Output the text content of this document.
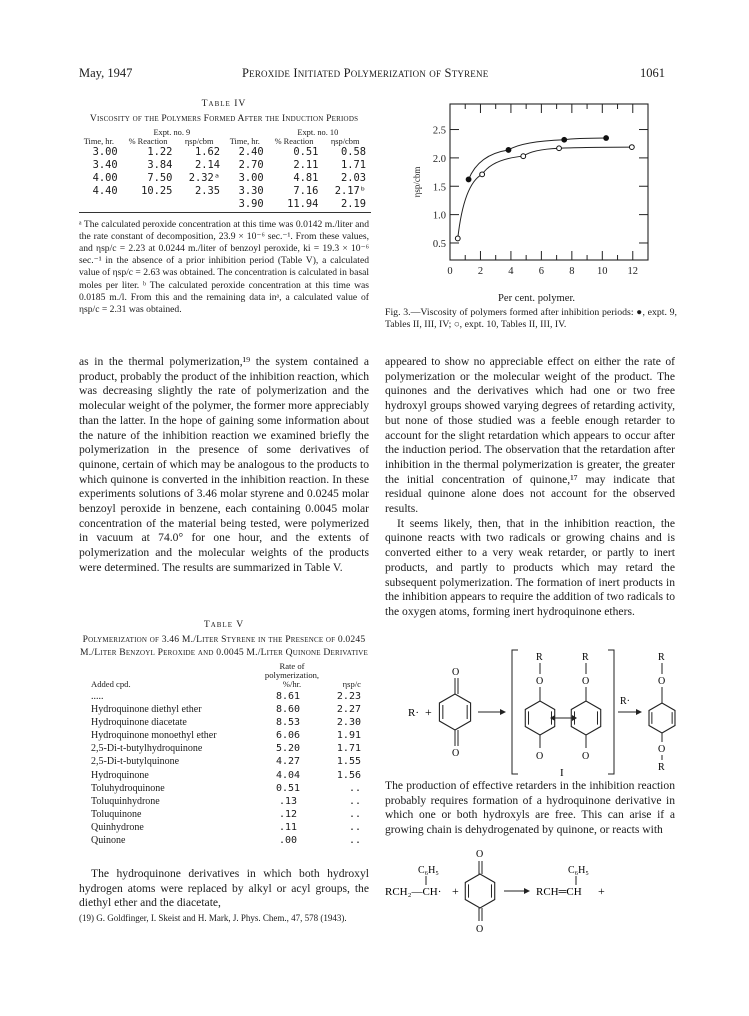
May, 1947	Peroxide Initiated Polymerization of Styrene	1061
Table IV
Viscosity of the Polymers Formed After the Induction Periods
	Expt. no. 9			Expt. no. 10	
Time, hr.	% Reaction	ηsp/cbm	Time, hr.	% Reaction	ηsp/cbm
3.00	1.22	1.62	2.40	0.51	0.58
3.40	3.84	2.14	2.70	2.11	1.71
4.00	7.50	2.32ᵃ	3.00	4.81	2.03
4.40	10.25	2.35	3.30	7.16	2.17ᵇ
			3.90	11.94	2.19
ᵃ The calculated peroxide concentration at this time was 0.0142 m./liter and the rate constant of decomposition, 23.9 × 10⁻⁶ sec.⁻¹. From these values, and ηsp/c = 2.23 at 0.0244 m./liter of benzoyl peroxide, ki = 19.3 × 10⁻⁶ sec.⁻¹ in the absence of a prior inhibition period (Table V), a calculated value of ηsp/c = 2.63 was obtained. The concentration is calculated in basal moles per liter. ᵇ The calculated peroxide concentration at this time was 0.0185 m./l. From this and the remaining data inᵃ, a calculated value of ηsp/c = 2.31 was obtained.

as in the thermal polymerization,¹⁹ the system contained a product, probably the product of the inhibition reaction, which was decreasing slightly the rate of polymerization and the molecular weight of the polymer, the former more appreciably than the latter. In the hope of gaining some information about the nature of the inhibition reaction we examined briefly the polymerization in the presence of some derivatives of quinone, certain of which may be analogous to the products to which quinone is converted in the inhibition reaction. In these experiments solutions of 3.46 molar styrene and 0.0245 molar benzoyl peroxide in benzene, each containing 0.0045 molar concentration of the material being tested, were polymerized in vacuum at 74.0° for one hour, and the extents of polymerization and the molecular weights of the products were determined. The results are summarized in Table V.

Table V
Polymerization of 3.46 M./Liter Styrene in the Presence of 0.0245 M./Liter Benzoyl Peroxide and 0.0045 M./Liter Quinone Derivative
Added cpd.	Rate of polymerization, %/hr.	ηsp/c
.....	8.61	2.23
Hydroquinone diethyl ether	8.60	2.27
Hydroquinone diacetate	8.53	2.30
Hydroquinone monoethyl ether	6.06	1.91
2,5-Di-t-butylhydroquinone	5.20	1.71
2,5-Di-t-butylquinone	4.27	1.55
Hydroquinone	4.04	1.56
Toluhydroquinone	0.51	..
Toluquinhydrone	.13	..
Toluquinone	.12	..
Quinhydrone	.11	..
Quinone	.00	..
The hydroquinone derivatives in which both hydroxyl hydrogen atoms were replaced by alkyl or acyl groups, the diethyl ether and the diacetate,
(19) G. Goldfinger, I. Skeist and H. Mark, J. Phys. Chem., 47, 578 (1943).
0 2 4 6 8 10 12
0.5
1.0
1.5
2.0
2.5
ηsp/cbm
Per cent. polymer.
Fig. 3.—Viscosity of polymers formed after inhibition periods: ●, expt. 9, Tables II, III, IV; ○, expt. 10, Tables II, III, IV.

appeared to show no appreciable effect on either the rate of polymerization or the molecular weight of the product. The quinones and the derivatives which had one or two free hydroxyl groups showed varying degrees of retarding activity, but none of those studied was a feeble enough retarder to account for the slight retardation which appears to occur after the induction period. The observation that the retardation after inhibition in the thermal polymerization is greater, the greater the initial concentration of quinone,¹⁷ may indicate that residual quinone alone does not account for the observed results.

It seems likely, then, that in the inhibition reaction, the quinone reacts with two radicals or growing chains and is converted either to a very weak retarder, or partly to inert products, and partly to products which may retard the subsequent polymerization. The formation of inert products in the inhibition appears to require the addition of two radicals to the oxygen atoms, forming inert hydroquinone ethers.

R· +
O
O
R
O
O
R
O
O
R·
R
O
O
R
I
The production of effective retarders in the inhibition reaction probably requires formation of a hydroquinone derivative in which one or both hydroxyls are free. This can arise if a growing chain is dehydrogenated by quinone, or reacts with
C₆H₅
RCH₂—CH· +
O
O
C₆H₅
RCH═CH +
